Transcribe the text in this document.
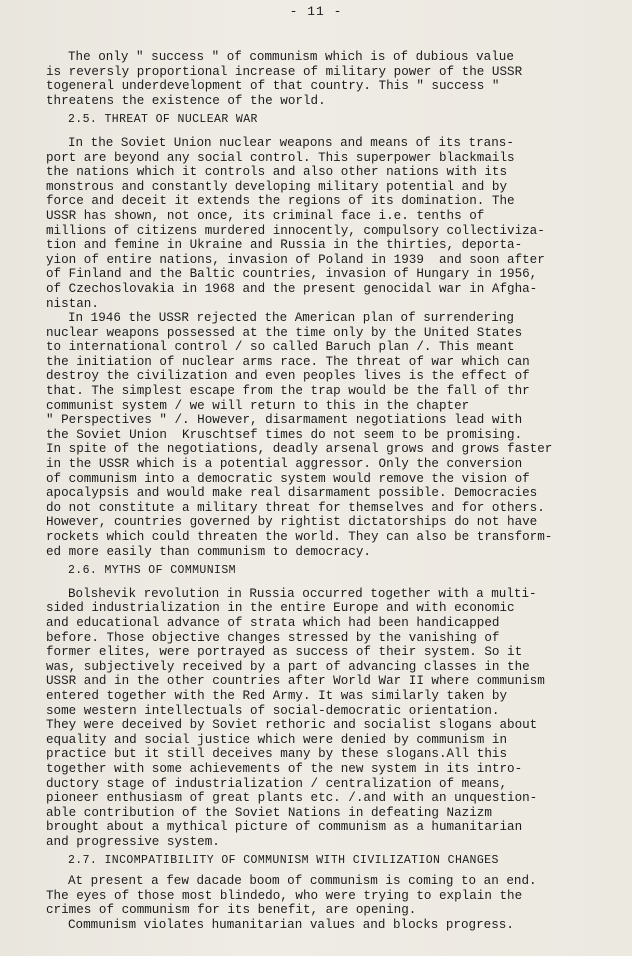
- 11 -
The only " success " of communism which is of dubious value
is reversly proportional increase of military power of the USSR
togeneral underdevelopment of that country. This " success "
threatens the existence of the world.
2.5. THREAT OF NUCLEAR WAR
In the Soviet Union nuclear weapons and means of its trans-
port are beyond any social control. This superpower blackmails
the nations which it controls and also other nations with its
monstrous and constantly developing military potential and by
force and deceit it extends the regions of its domination. The
USSR has shown, not once, its criminal face i.e. tenths of
millions of citizens murdered innocently, compulsory collectiviza-
tion and femine in Ukraine and Russia in the thirties, deporta-
yion of entire nations, invasion of Poland in 1939  and soon after
of Finland and the Baltic countries, invasion of Hungary in 1956,
of Czechoslovakia in 1968 and the present genocidal war in Afgha-
nistan.
In 1946 the USSR rejected the American plan of surrendering
nuclear weapons possessed at the time only by the United States
to international control / so called Baruch plan /. This meant
the initiation of nuclear arms race. The threat of war which can
destroy the civilization and even peoples lives is the effect of
that. The simplest escape from the trap would be the fall of thr
communist system / we will return to this in the chapter
" Perspectives " /. However, disarmament negotiations lead with
the Soviet Union  Kruschtsef times do not seem to be promising.
In spite of the negotiations, deadly arsenal grows and grows faster
in the USSR which is a potential aggressor. Only the conversion
of communism into a democratic system would remove the vision of
apocalypsis and would make real disarmament possible. Democracies
do not constitute a military threat for themselves and for others.
However, countries governed by rightist dictatorships do not have
rockets which could threaten the world. They can also be transform-
ed more easily than communism to democracy.
2.6. MYTHS OF COMMUNISM
Bolshevik revolution in Russia occurred together with a multi-
sided industrialization in the entire Europe and with economic
and educational advance of strata which had been handicapped
before. Those objective changes stressed by the vanishing of
former elites, were portrayed as success of their system. So it
was, subjectively received by a part of advancing classes in the
USSR and in the other countries after World War II where communism
entered together with the Red Army. It was similarly taken by
some western intellectuals of social-democratic orientation.
They were deceived by Soviet rethoric and socialist slogans about
equality and social justice which were denied by communism in
practice but it still deceives many by these slogans.All this
together with some achievements of the new system in its intro-
ductory stage of industrialization / centralization of means,
pioneer enthusiasm of great plants etc. /.and with an unquestion-
able contribution of the Soviet Nations in defeating Nazizm
brought about a mythical picture of communism as a humanitarian
and progressive system.
2.7. INCOMPATIBILITY OF COMMUNISM WITH CIVILIZATION CHANGES
At present a few dacade boom of communism is coming to an end.
The eyes of those most blindedo, who were trying to explain the
crimes of communism for its benefit, are opening.
Communism violates humanitarian values and blocks progress.
